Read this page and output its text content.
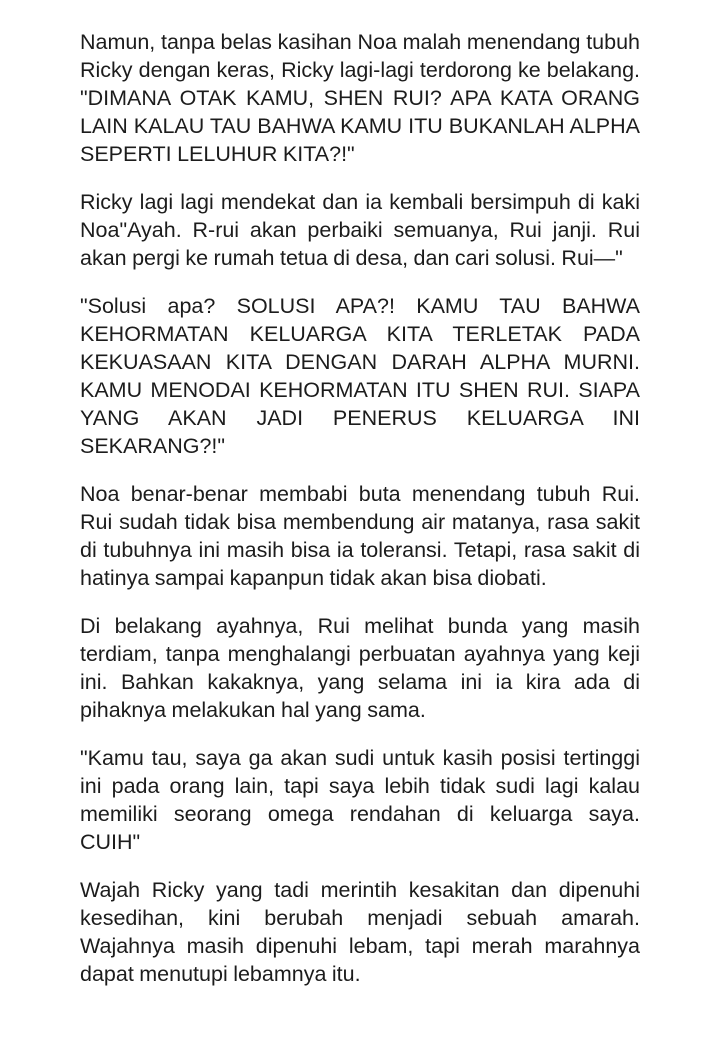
Namun, tanpa belas kasihan Noa malah menendang tubuh Ricky dengan keras, Ricky lagi-lagi terdorong ke belakang. "DIMANA OTAK KAMU, SHEN RUI? APA KATA ORANG LAIN KALAU TAU BAHWA KAMU ITU BUKANLAH ALPHA SEPERTI LELUHUR KITA?!"

Ricky lagi lagi mendekat dan ia kembali bersimpuh di kaki Noa"Ayah. R-rui akan perbaiki semuanya, Rui janji. Rui akan pergi ke rumah tetua di desa, dan cari solusi. Rui—"

"Solusi apa? SOLUSI APA?! KAMU TAU BAHWA KEHORMATAN KELUARGA KITA TERLETAK PADA KEKUASAAN KITA DENGAN DARAH ALPHA MURNI. KAMU MENODAI KEHORMATAN ITU SHEN RUI. SIAPA YANG AKAN JADI PENERUS KELUARGA INI SEKARANG?!"

Noa benar-benar membabi buta menendang tubuh Rui. Rui sudah tidak bisa membendung air matanya, rasa sakit di tubuhnya ini masih bisa ia toleransi. Tetapi, rasa sakit di hatinya sampai kapanpun tidak akan bisa diobati.

Di belakang ayahnya, Rui melihat bunda yang masih terdiam, tanpa menghalangi perbuatan ayahnya yang keji ini. Bahkan kakaknya, yang selama ini ia kira ada di pihaknya melakukan hal yang sama.

"Kamu tau, saya ga akan sudi untuk kasih posisi tertinggi ini pada orang lain, tapi saya lebih tidak sudi lagi kalau memiliki seorang omega rendahan di keluarga saya. CUIH"

Wajah Ricky yang tadi merintih kesakitan dan dipenuhi kesedihan, kini berubah menjadi sebuah amarah. Wajahnya masih dipenuhi lebam, tapi merah marahnya dapat menutupi lebamnya itu.
